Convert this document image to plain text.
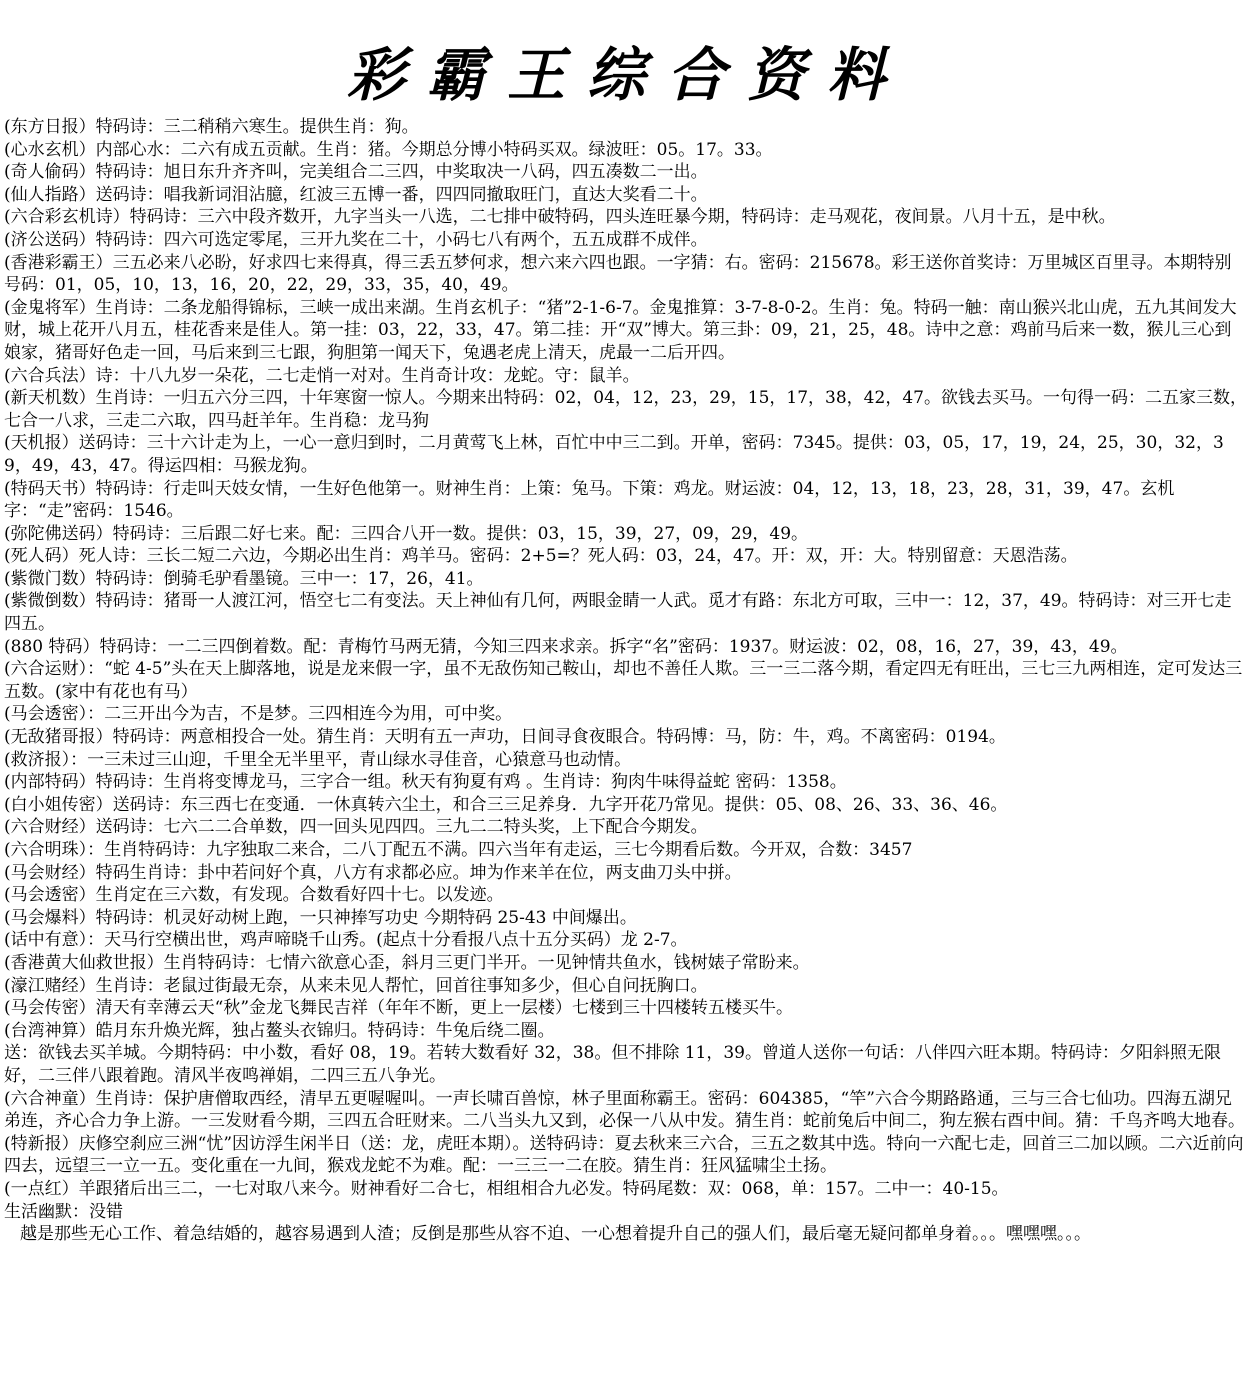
彩霸王综合资料

(东方日报）特码诗：三二稍稍六寒生。提供生肖：狗。

(心水玄机）内部心水：二六有成五贡献。生肖：猪。今期总分博小特码买双。绿波旺：05。17。33。

(奇人偷码）特码诗：旭日东升齐齐叫，完美组合二三四，中奖取决一八码，四五凑数二一出。

(仙人指路）送码诗：唱我新词泪沾臆，红波三五博一番，四四同撤取旺门，直达大奖看二十。

(六合彩玄机诗）特码诗：三六中段齐数开，九字当头一八选，二七排中破特码，四头连旺暴今期，特码诗：走马观花，夜间景。八月十五，是中秋。

(济公送码）特码诗：四六可选定零尾，三开九奖在二十，小码七八有两个，五五成群不成伴。

(香港彩霸王）三五必来八必盼，好求四七来得真，得三丢五梦何求，想六来六四也跟。一字猜：右。密码：215678。彩王送你首奖诗：万里城区百里寻。本期特别号码：01，05，10，13，16，20，22，29，33，35，40，49。

(金鬼将军）生肖诗：二条龙船得锦标，三峡一成出来湖。生肖玄机子：“猪”2-1-6-7。金鬼推算：3-7-8-0-2。生肖：兔。特码一触：南山猴兴北山虎，五九其间发大财，城上花开八月五，桂花香来是佳人。第一挂：03，22，33，47。第二挂：开“双”博大。第三卦：09，21，25，48。诗中之意：鸡前马后来一数，猴儿三心到娘家，猪哥好色走一回，马后来到三七跟，狗胆第一闻天下，兔遇老虎上清天，虎最一二后开四。

(六合兵法）诗：十八九岁一朵花，二七走悄一对对。生肖奇计攻：龙蛇。守：鼠羊。

(新天机数）生肖诗：一归五六分三四，十年寒窗一惊人。今期来出特码：02，04，12，23，29，15，17，38，42，47。欲钱去买马。一句得一码：二五家三数，七合一八求，三走二六取，四马赶羊年。生肖稳：龙马狗

(天机报）送码诗：三十六计走为上，一心一意归到时，二月黄莺飞上林，百忙中中三二到。开单，密码：7345。提供：03，05，17，19，24，25，30，32，39，49，43，47。得运四相：马猴龙狗。

(特码天书）特码诗：行走叫天妓女情，一生好色他第一。财神生肖：上策：兔马。下策：鸡龙。财运波：04，12，13，18，23，28，31，39，47。玄机字：“走”密码：1546。

(弥陀佛送码）特码诗：三后跟二好七来。配：三四合八开一数。提供：03，15，39，27，09，29，49。

(死人码）死人诗：三长二短二六边，今期必出生肖：鸡羊马。密码：2+5=？死人码：03，24，47。开：双，开：大。特别留意：天恩浩荡。

(紫微门数）特码诗：倒骑毛驴看墨镜。三中一：17，26，41。

(紫微倒数）特码诗：猪哥一人渡江河，悟空七二有变法。天上神仙有几何，两眼金睛一人武。觅才有路：东北方可取，三中一：12，37，49。特码诗：对三开七走四五。

(880 特码）特码诗：一二三四倒着数。配：青梅竹马两无猜，今知三四来求亲。拆字“名”密码：1937。财运波：02，08，16，27，39，43，49。

(六合运财）：“蛇 4-5”头在天上脚落地，说是龙来假一字，虽不无敌伤知己鞍山，却也不善任人欺。三一三二落今期，看定四无有旺出，三七三九两相连，定可发达三五数。(家中有花也有马）

(马会透密）：二三开出今为吉，不是梦。三四相连今为用，可中奖。

(无敌猪哥报）特码诗：两意相投合一处。猜生肖：天明有五一声功，日间寻食夜眼合。特码博：马，防：牛，鸡。不离密码：0194。

(救济报）：一三未过三山迎，千里全无半里平，青山绿水寻佳音，心猿意马也动情。

(内部特码）特码诗：生肖将变博龙马，三字合一组。秋天有狗夏有鸡 。生肖诗：狗肉牛味得益蛇 密码：1358。

(白小姐传密）送码诗：东三西七在变通．一休真转六尘土，和合三三足养身．九字开花乃常见。提供：05、08、26、33、36、46。

(六合财经）送码诗：七六二二合单数，四一回头见四四。三九二二特头奖，上下配合今期发。

(六合明珠）：生肖特码诗：九字独取二来合，二八丁配五不满。四六当年有走运，三七今期看后数。今开双，合数：3457

(马会财经）特码生肖诗：卦中若问好个真，八方有求都必应。坤为作来羊在位，两支曲刀头中拼。

(马会透密）生肖定在三六数，有发现。合数看好四十七。以发迹。

(马会爆料）特码诗：机灵好动树上跑，一只神捧写功史 今期特码 25-43 中间爆出。

(话中有意）：天马行空横出世，鸡声啼晓千山秀。(起点十分看报八点十五分买码）龙 2-7。

(香港黄大仙救世报）生肖特码诗：七情六欲意心歪，斜月三更门半开。一见钟情共鱼水，钱树婊子常盼来。

(濠江赌经）生肖诗：老鼠过街最无奈，从来未见人帮忙，回首往事知多少，但心自问抚胸口。

(马会传密）清天有幸薄云天“秋”金龙飞舞民吉祥（年年不断，更上一层楼）七楼到三十四楼转五楼买牛。

(台湾神算）皓月东升焕光辉，独占鳌头衣锦归。特码诗：牛兔后绕二圈。

送：欲钱去买羊城。今期特码：中小数，看好 08，19。若转大数看好 32，38。但不排除 11，39。曾道人送你一句话：八伴四六旺本期。特码诗：夕阳斜照无限好，二三伴八跟着跑。清风半夜鸣禅娟，二四三五八争光。

(六合神童）生肖诗：保护唐僧取西经，清早五更喔喔叫。一声长啸百兽惊，林子里面称霸王。密码：604385，“竿”六合今期路路通，三与三合七仙功。四海五湖兄弟连，齐心合力争上游。一三发财看今期，三四五合旺财来。二八当头九又到，必保一八从中发。猜生肖：蛇前兔后中间二，狗左猴右酉中间。猜：千鸟齐鸣大地春。

(特新报）庆修空刹应三洲“忧”因访浮生闲半日（送：龙，虎旺本期）。送特码诗：夏去秋来三六合，三五之数其中选。特向一六配七走，回首三二加以顾。二六近前向四去，远望三一立一五。变化重在一九间，猴戏龙蛇不为难。配：一三三一二在胶。猜生肖：狂风猛啸尘土扬。

(一点红）羊跟猪后出三二，一七对取八来今。财神看好二合七，相组相合九必发。特码尾数：双：068，单：157。二中一：40-15。

生活幽默：没错

越是那些无心工作、着急结婚的，越容易遇到人渣；反倒是那些从容不迫、一心想着提升自己的强人们，最后毫无疑问都单身着。。。嘿嘿嘿。。。
